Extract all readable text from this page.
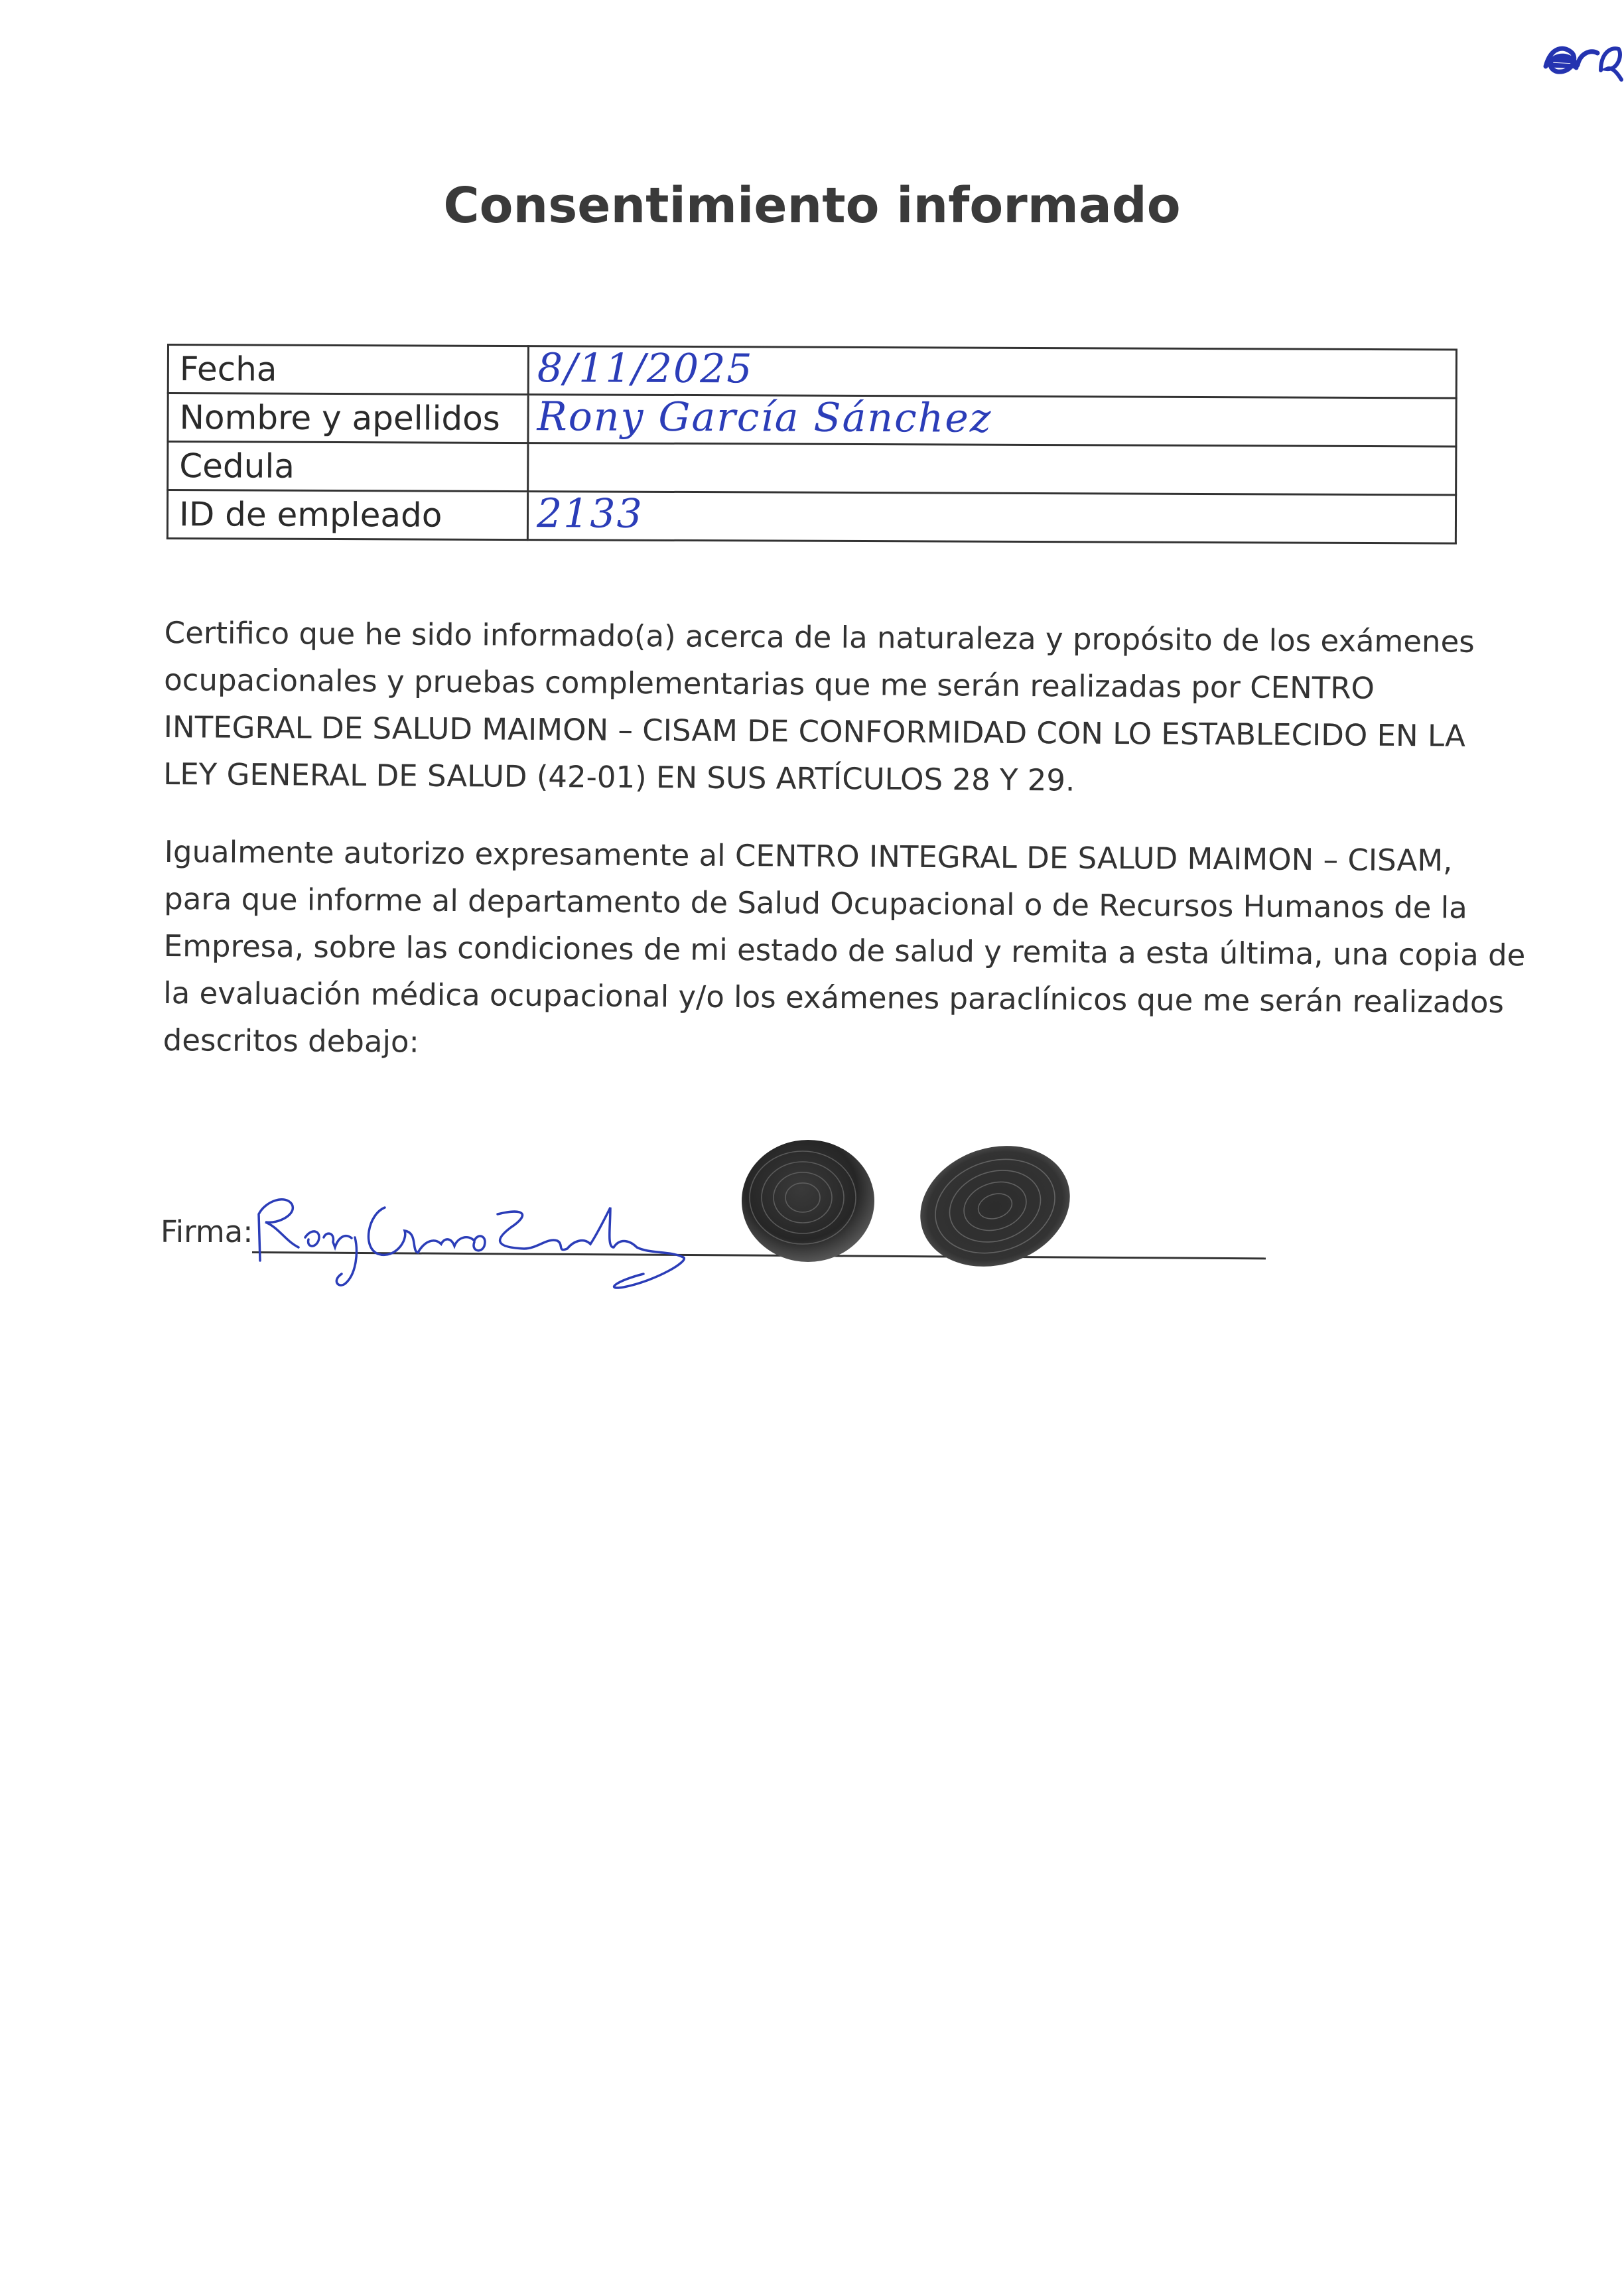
Consentimiento informado
Fecha	8/11/2025

Nombre y apellidos	Rony García Sánchez

Cedula	

ID de empleado	2133

Certifico que he sido informado(a) acerca de la naturaleza y propósito de los exámenes
ocupacionales y pruebas complementarias que me serán realizadas por CENTRO
INTEGRAL DE SALUD MAIMON – CISAM DE CONFORMIDAD CON LO ESTABLECIDO EN LA
LEY GENERAL DE SALUD (42-01) EN SUS ARTÍCULOS 28 Y 29.

Igualmente autorizo expresamente al CENTRO INTEGRAL DE SALUD MAIMON – CISAM,
para que informe al departamento de Salud Ocupacional o de Recursos Humanos de la
Empresa, sobre las condiciones de mi estado de salud y remita a esta última, una copia de
la evaluación médica ocupacional y/o los exámenes paraclínicos que me serán realizados
descritos debajo:

Firma:
